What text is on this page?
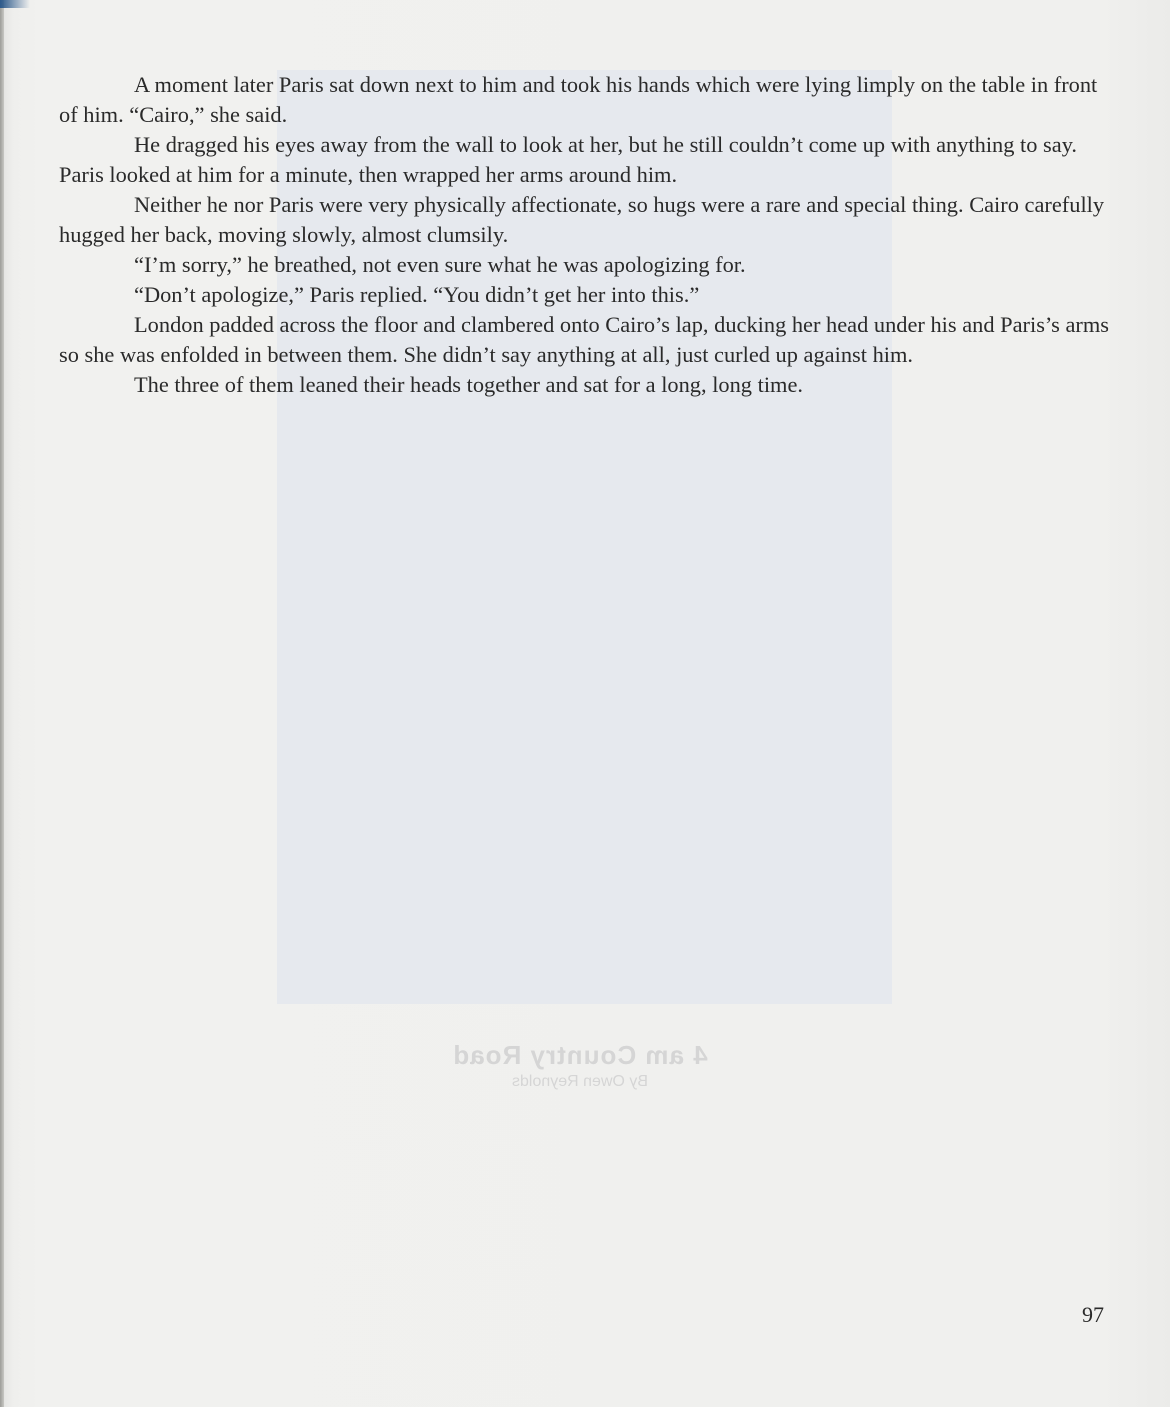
4 am Country Road
By Owen Reynolds

A moment later Paris sat down next to him and took his hands which were lying limply on the table in front of him. “Cairo,” she said.

He dragged his eyes away from the wall to look at her, but he still couldn’t come up with anything to say. Paris looked at him for a minute, then wrapped her arms around him.

Neither he nor Paris were very physically affectionate, so hugs were a rare and special thing. Cairo carefully hugged her back, moving slowly, almost clumsily.

“I’m sorry,” he breathed, not even sure what he was apologizing for.

“Don’t apologize,” Paris replied. “You didn’t get her into this.”

London padded across the floor and clambered onto Cairo’s lap, ducking her head under his and Paris’s arms so she was enfolded in between them. She didn’t say anything at all, just curled up against him.

The three of them leaned their heads together and sat for a long, long time.

97
